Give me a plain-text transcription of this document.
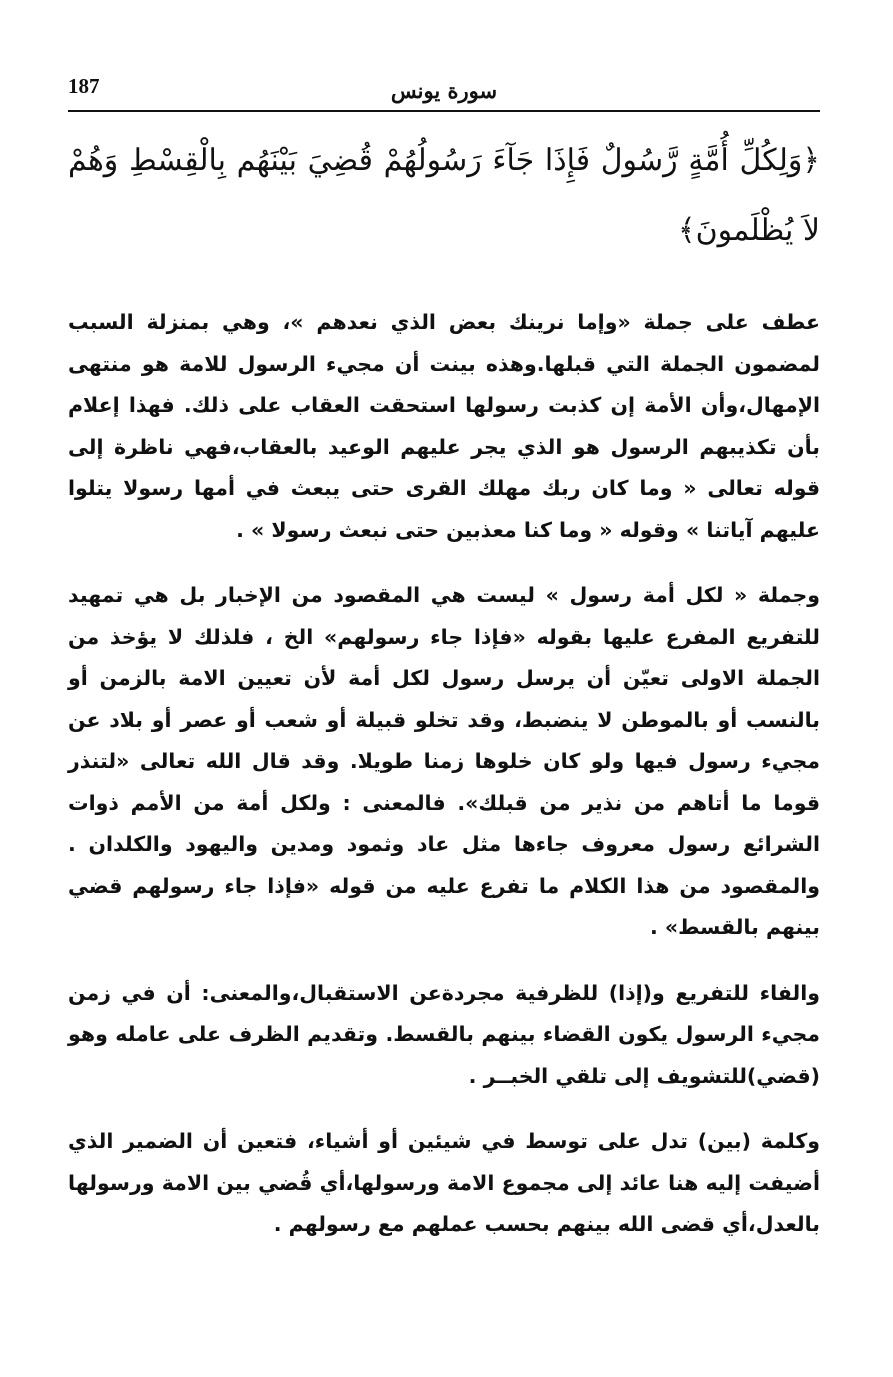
187	سورة يونس
﴿وَلِكُلِّ أُمَّةٍ رَّسُولٌ فَإِذَا جَآءَ رَسُولُهُمْ قُضِيَ بَيْنَهُم بِالْقِسْطِ وَهُمْ لاَ يُظْلَمونَ﴾

عطف على جملة «وإما نرينك بعض الذي نعدهم »، وهي بمنزلة السبب لمضمون الجملة التي قبلها.وهذه بينت أن مجيء الرسول للامة هو منتهى الإمهال،وأن الأمة إن كذبت رسولها استحقت العقاب على ذلك. فهذا إعلام بأن تكذيبهم الرسول هو الذي يجر عليهم الوعيد بالعقاب،فهي ناظرة إلى قوله تعالى « وما كان ربك مهلك القرى حتى يبعث في أمها رسولا يتلوا عليهم آياتنا » وقوله « وما كنا معذبين حتى نبعث رسولا » .

وجملة « لكل أمة رسول » ليست هي المقصود من الإخبار بل هي تمهيد للتفريع المفرع عليها بقوله «فإذا جاء رسولهم» الخ ، فلذلك لا يؤخذ من الجملة الاولى تعيّن أن يرسل رسول لكل أمة لأن تعيين الامة بالزمن أو بالنسب أو بالموطن لا ينضبط، وقد تخلو قبيلة أو شعب أو عصر أو بلاد عن مجيء رسول فيها ولو كان خلوها زمنا طويلا. وقد قال الله تعالى «لتنذر قوما ما أتاهم من نذير من قبلك». فالمعنى : ولكل أمة من الأمم ذوات الشرائع رسول معروف جاءها مثل عاد وثمود ومدين واليهود والكلدان . والمقصود من هذا الكلام ما تفرع عليه من قوله «فإذا جاء رسولهم قضي بينهم بالقسط» .

والفاء للتفريع و(إذا) للظرفية مجردةعن الاستقبال،والمعنى: أن في زمن مجيء الرسول يكون القضاء بينهم بالقسط. وتقديم الظرف على عامله وهو (قضي)للتشويف إلى تلقي الخبــر .

وكلمة (بين) تدل على توسط في شيئين أو أشياء، فتعين أن الضمير الذي أضيفت إليه هنا عائد إلى مجموع الامة ورسولها،أي قُضي بين الامة ورسولها بالعدل،أي قضى الله بينهم بحسب عملهم مع رسولهم .
